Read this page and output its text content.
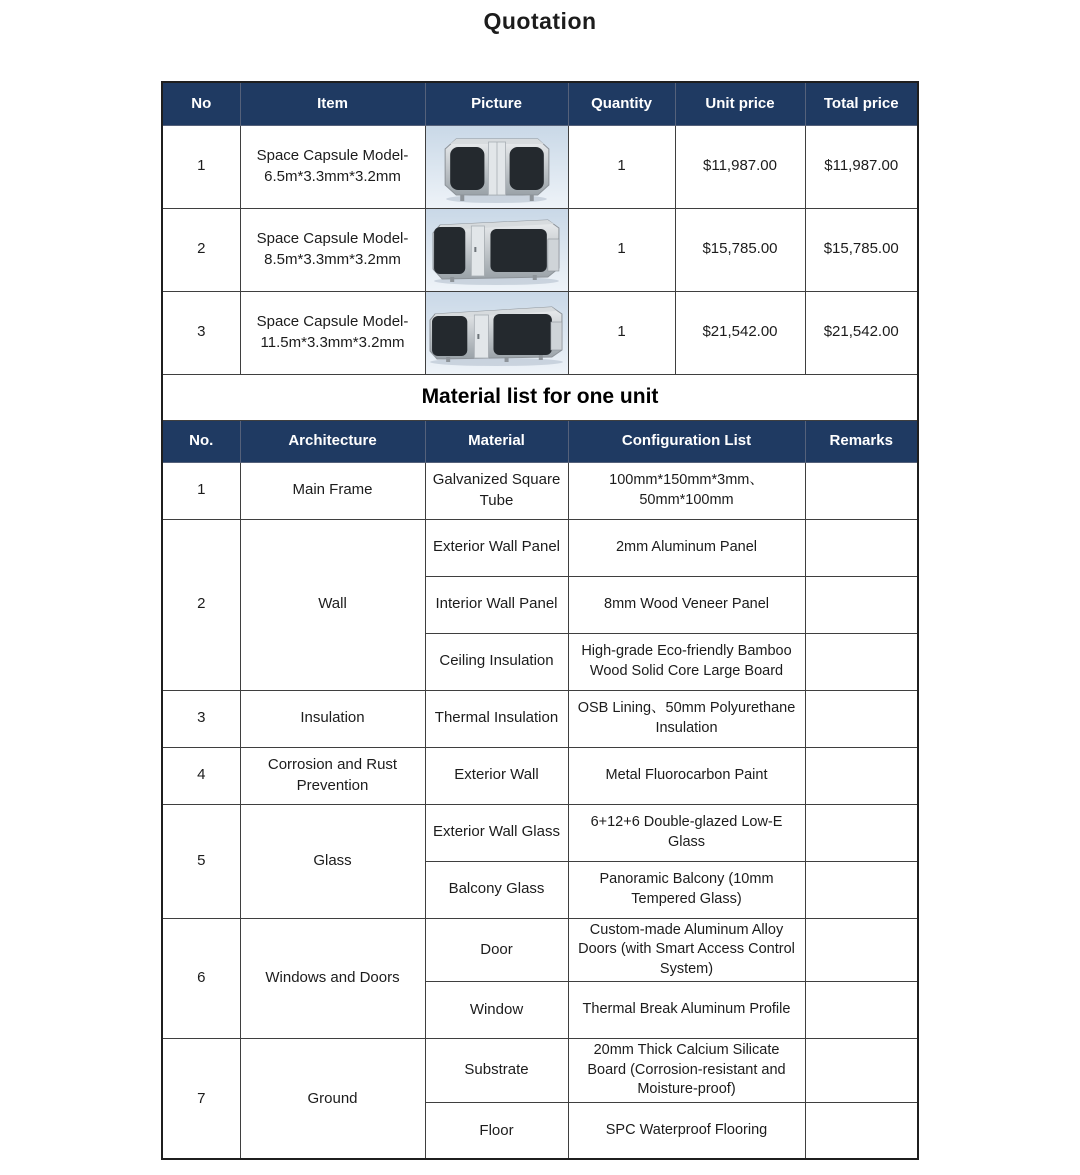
Quotation
No	Item	Picture	Quantity	Unit price	Total price
1	Space Capsule Model-6.5m*3.3mm*3.2mm		1	$11,987.00	$11,987.00
2	Space Capsule Model-8.5m*3.3mm*3.2mm		1	$15,785.00	$15,785.00
3	Space Capsule Model-11.5m*3.3mm*3.2mm		1	$21,542.00	$21,542.00
Material list for one unit					
No.	Architecture	Material	Configuration List		Remarks
1	Main Frame	Galvanized Square Tube	100mm*150mm*3mm、50mm*100mm		
2	Wall	Exterior Wall Panel	2mm Aluminum Panel		
		Interior Wall Panel	8mm Wood Veneer Panel		
		Ceiling Insulation	High-grade Eco-friendly Bamboo Wood Solid Core Large Board		
3	Insulation	Thermal Insulation	OSB Lining、50mm Polyurethane Insulation		
4	Corrosion and Rust Prevention	Exterior Wall	Metal Fluorocarbon Paint		
5	Glass	Exterior Wall Glass	6+12+6 Double-glazed Low-E Glass		
		Balcony Glass	Panoramic Balcony (10mm Tempered Glass)		
6	Windows and Doors	Door	Custom-made Aluminum Alloy Doors (with Smart Access Control System)		
		Window	Thermal Break Aluminum Profile		
7	Ground	Substrate	20mm Thick Calcium Silicate Board (Corrosion-resistant and Moisture-proof)		
		Floor	SPC Waterproof Flooring		
